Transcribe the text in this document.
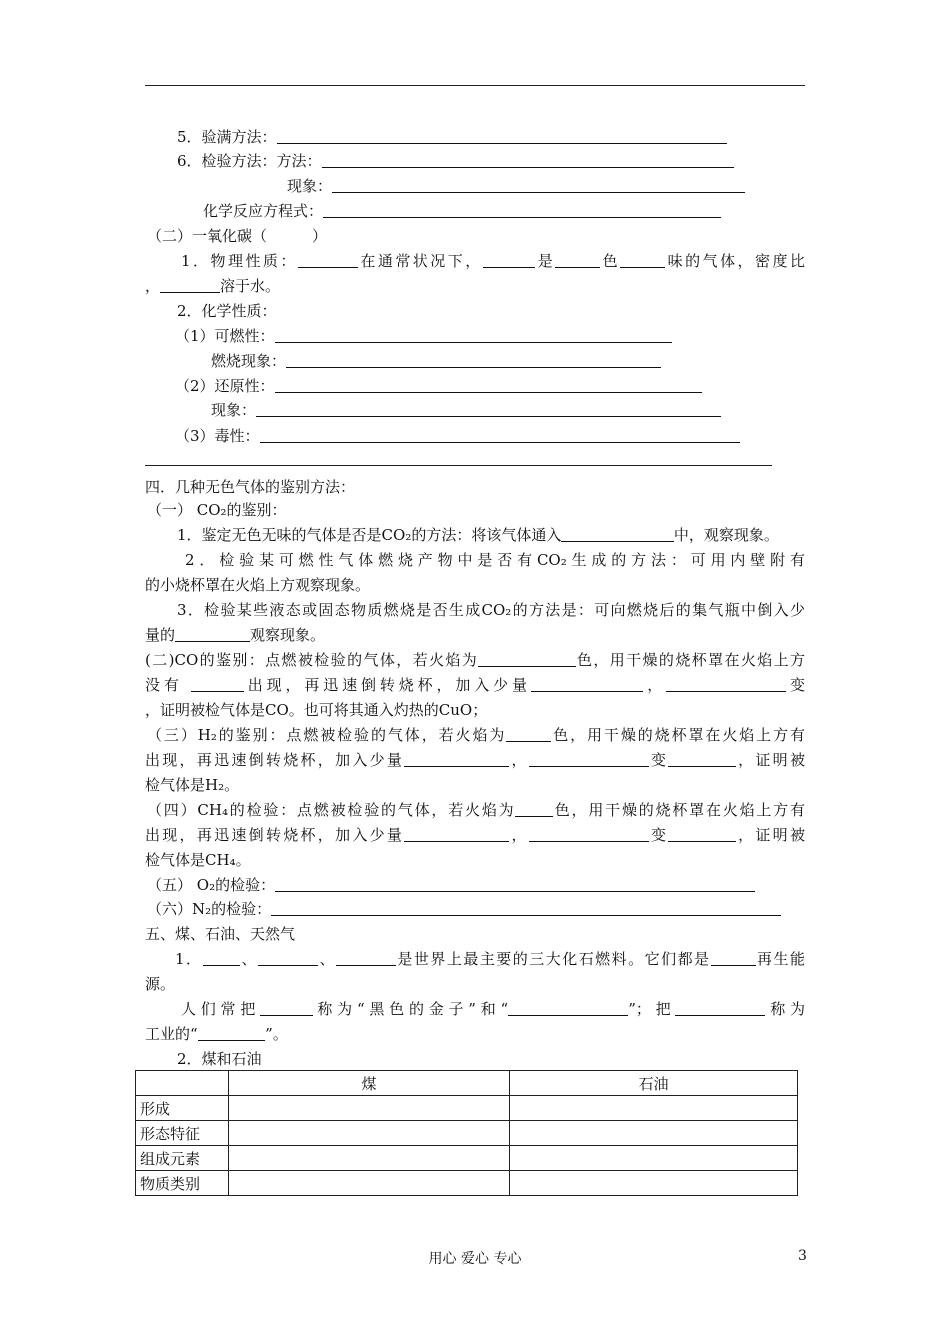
5．验满方法：
6．检验方法：方法：
现象：
化学反应方程式：
（二）一氧化碳（　　　）
1．物理性质：	在通常状况下，	是	色	味的气体，密度比
，	溶于水。
2．化学性质：
（1）可燃性：
燃烧现象：
（2）还原性：
现象：
（3）毒性：
四．几种无色气体的鉴别方法：
（一） CO₂的鉴别：
1．鉴定无色无味的气体是否是CO₂的方法：将该气体通入	中，观察现象。
2．检验某可燃性气体燃烧产物中是否有CO₂生成的方法：可用内壁附有
的小烧杯罩在火焰上方观察现象。
3．检验某些液态或固态物质燃烧是否生成CO₂的方法是：可向燃烧后的集气瓶中倒入少
量的	观察现象。
(二)CO的鉴别：点燃被检验的气体，若火焰为	色，用干燥的烧杯罩在火焰上方
没有	出现，再迅速倒转烧杯，加入少量	，	变
，证明被检气体是CO。也可将其通入灼热的CuO；
（三）H₂的鉴别：点燃被检验的气体，若火焰为	色，用干燥的烧杯罩在火焰上方有
出现，再迅速倒转烧杯，加入少量	，	变	，证明被
检气体是H₂。
（四）CH₄的检验：点燃被检验的气体，若火焰为	色，用干燥的烧杯罩在火焰上方有
出现，再迅速倒转烧杯，加入少量	，	变	，证明被
检气体是CH₄。
（五） O₂的检验：
（六）N₂的检验：
五、煤、石油、天然气
1．	、	、	是世界上最主要的三大化石燃料。它们都是	再生能
源。
人们常把	称为“黑色的金子”和“	”；把	称为
工业的“	”。
2．煤和石油
	煤	石油
形成		
形态特征		
组成元素		
物质类别		
用心 爱心 专心	3
